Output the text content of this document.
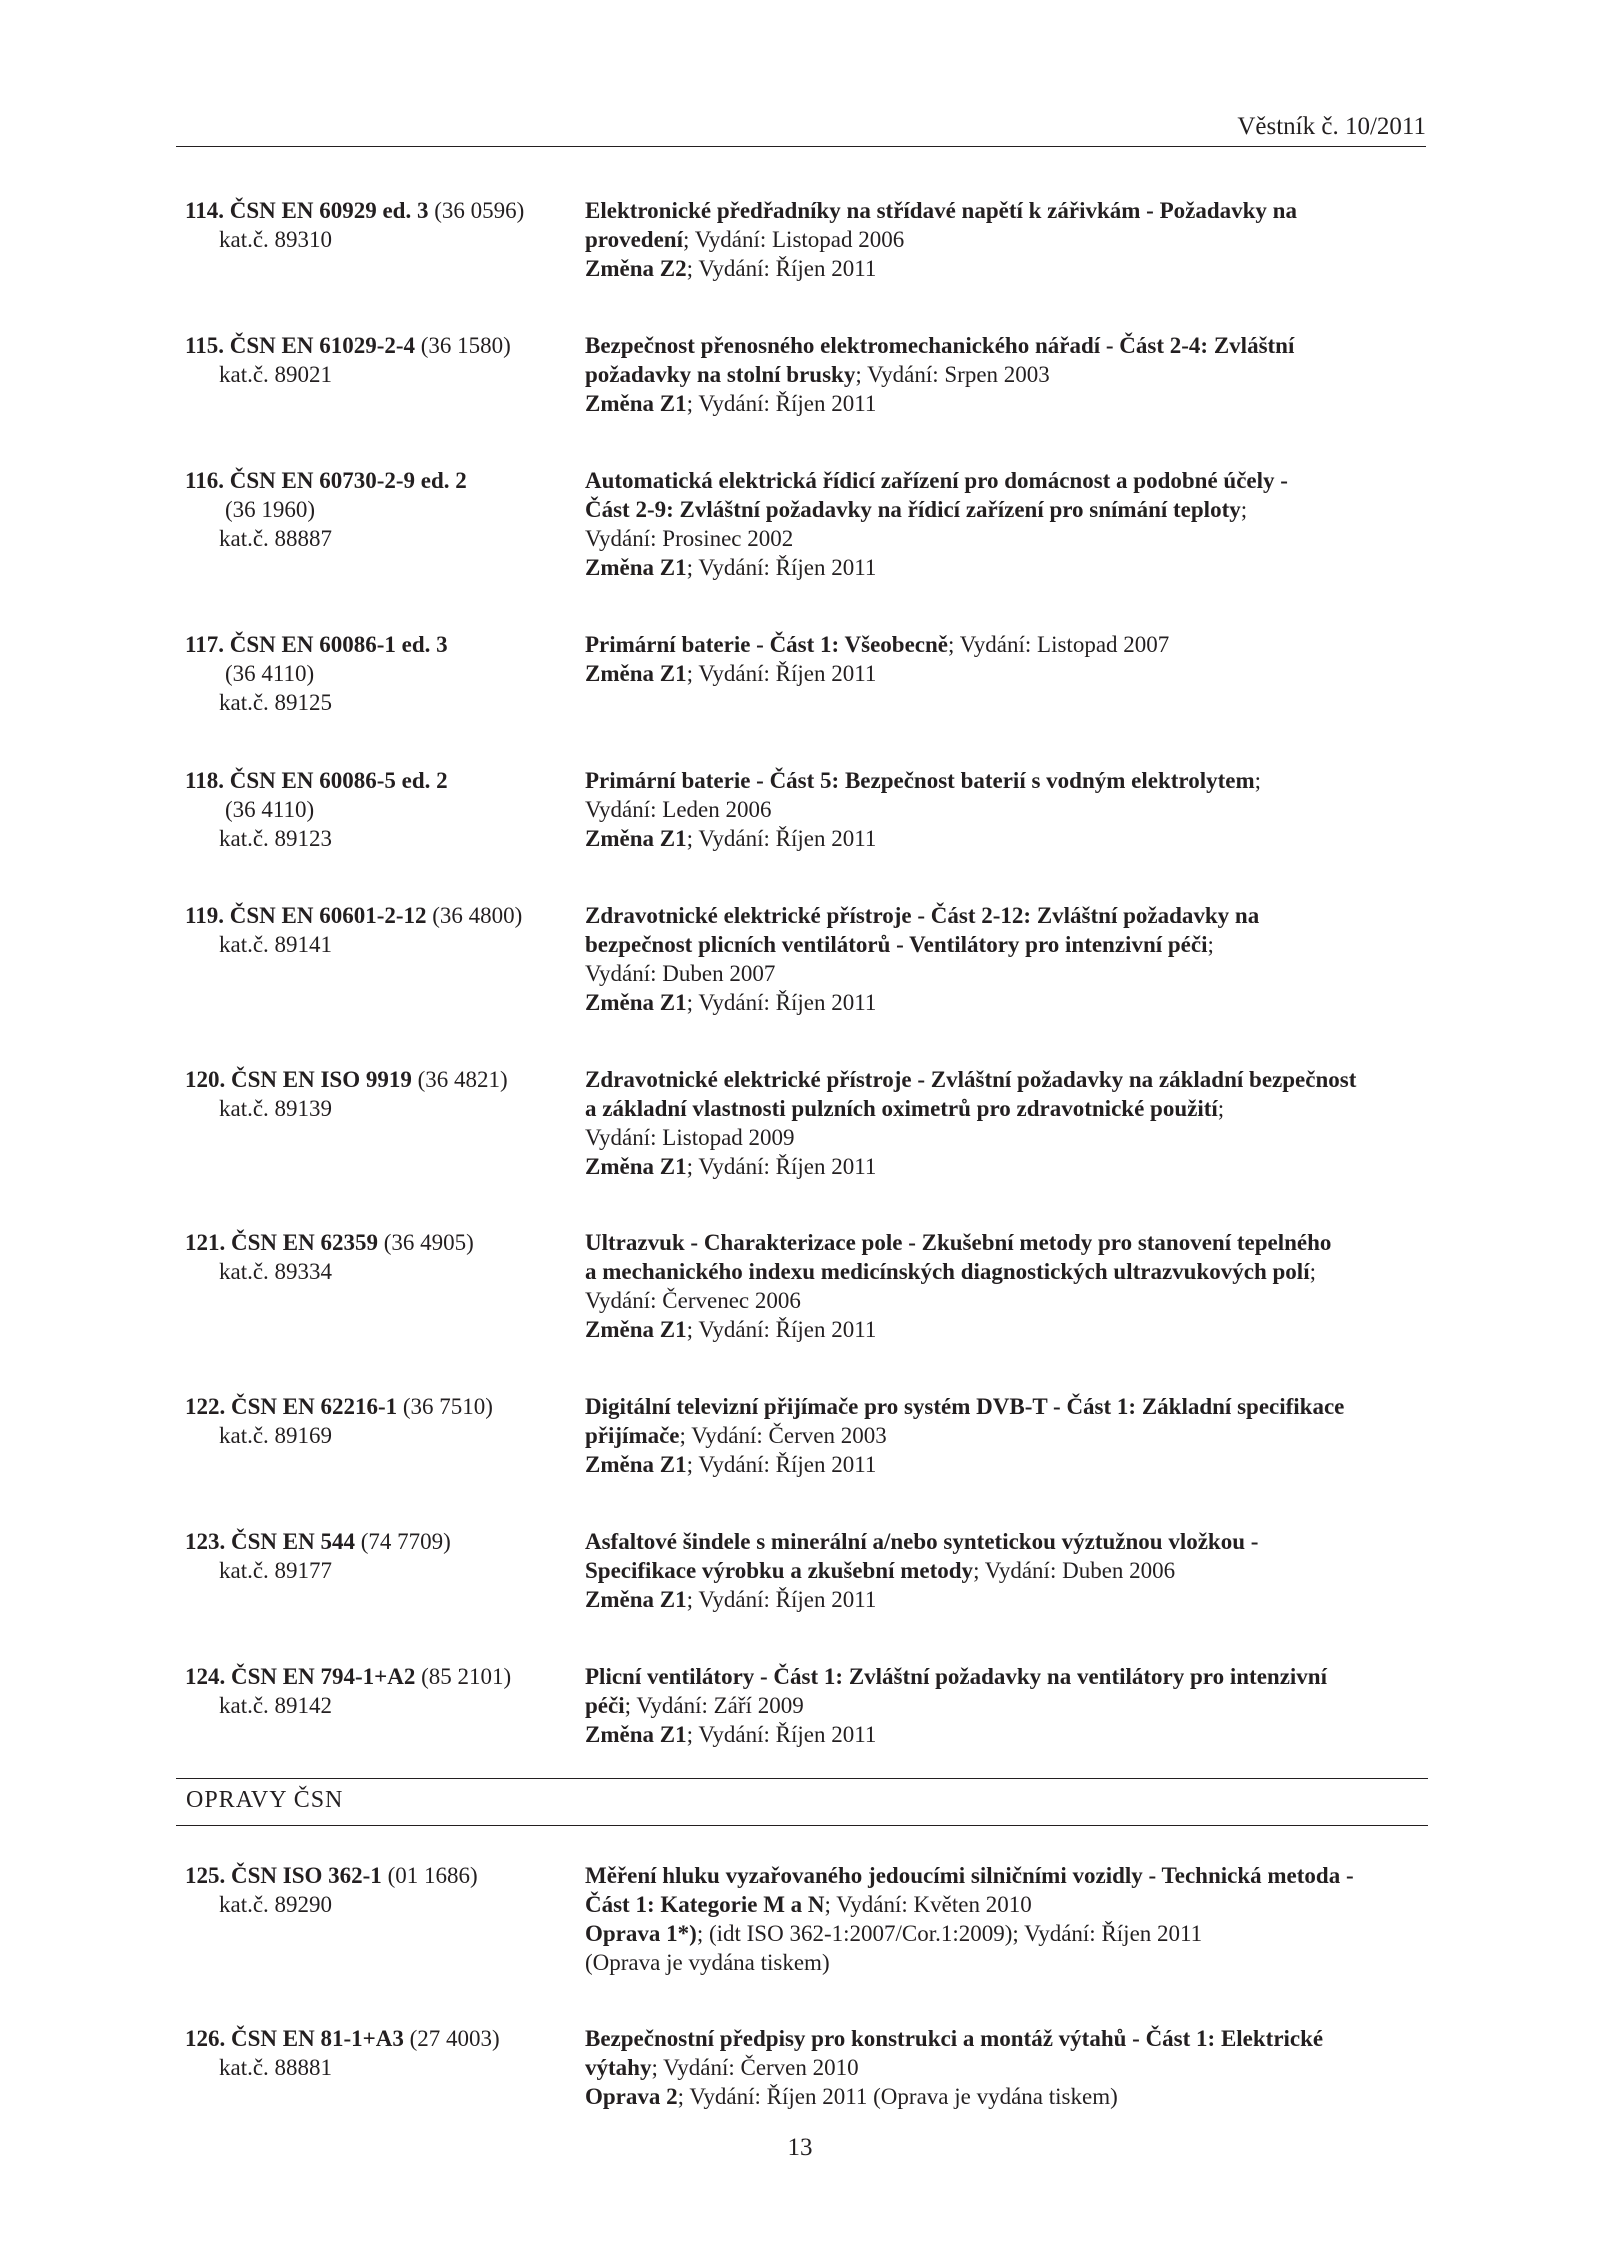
Věstník č. 10/2011
114. ČSN EN 60929 ed. 3 (36 0596)
kat.č. 89310
Elektronické předřadníky na střídavé napětí k zářivkám - Požadavky na
provedení; Vydání: Listopad 2006
Změna Z2; Vydání: Říjen 2011
115. ČSN EN 61029-2-4 (36 1580)
kat.č. 89021
Bezpečnost přenosného elektromechanického nářadí - Část 2-4: Zvláštní
požadavky na stolní brusky; Vydání: Srpen 2003
Změna Z1; Vydání: Říjen 2011
116. ČSN EN 60730-2-9 ed. 2
(36 1960)
kat.č. 88887
Automatická elektrická řídicí zařízení pro domácnost a podobné účely -
Část 2-9: Zvláštní požadavky na řídicí zařízení pro snímání teploty;
Vydání: Prosinec 2002
Změna Z1; Vydání: Říjen 2011
117. ČSN EN 60086-1 ed. 3
(36 4110)
kat.č. 89125
Primární baterie - Část 1: Všeobecně; Vydání: Listopad 2007
Změna Z1; Vydání: Říjen 2011
118. ČSN EN 60086-5 ed. 2
(36 4110)
kat.č. 89123
Primární baterie - Část 5: Bezpečnost baterií s vodným elektrolytem;
Vydání: Leden 2006
Změna Z1; Vydání: Říjen 2011
119. ČSN EN 60601-2-12 (36 4800)
kat.č. 89141
Zdravotnické elektrické přístroje - Část 2-12: Zvláštní požadavky na
bezpečnost plicních ventilátorů - Ventilátory pro intenzivní péči;
Vydání: Duben 2007
Změna Z1; Vydání: Říjen 2011
120. ČSN EN ISO 9919 (36 4821)
kat.č. 89139
Zdravotnické elektrické přístroje - Zvláštní požadavky na základní bezpečnost
a základní vlastnosti pulzních oximetrů pro zdravotnické použití;
Vydání: Listopad 2009
Změna Z1; Vydání: Říjen 2011
121. ČSN EN 62359 (36 4905)
kat.č. 89334
Ultrazvuk - Charakterizace pole - Zkušební metody pro stanovení tepelného
a mechanického indexu medicínských diagnostických ultrazvukových polí;
Vydání: Červenec 2006
Změna Z1; Vydání: Říjen 2011
122. ČSN EN 62216-1 (36 7510)
kat.č. 89169
Digitální televizní přijímače pro systém DVB-T - Část 1: Základní specifikace
přijímače; Vydání: Červen 2003
Změna Z1; Vydání: Říjen 2011
123. ČSN EN 544 (74 7709)
kat.č. 89177
Asfaltové šindele s minerální a/nebo syntetickou výztužnou vložkou -
Specifikace výrobku a zkušební metody; Vydání: Duben 2006
Změna Z1; Vydání: Říjen 2011
124. ČSN EN 794-1+A2 (85 2101)
kat.č. 89142
Plicní ventilátory - Část 1: Zvláštní požadavky na ventilátory pro intenzivní
péči; Vydání: Září 2009
Změna Z1; Vydání: Říjen 2011
OPRAVY ČSN
125. ČSN ISO 362-1 (01 1686)
kat.č. 89290
Měření hluku vyzařovaného jedoucími silničními vozidly - Technická metoda -
Část 1: Kategorie M a N; Vydání: Květen 2010
Oprava 1*); (idt ISO 362-1:2007/Cor.1:2009); Vydání: Říjen 2011
(Oprava je vydána tiskem)
126. ČSN EN 81-1+A3 (27 4003)
kat.č. 88881
Bezpečnostní předpisy pro konstrukci a montáž výtahů - Část 1: Elektrické
výtahy; Vydání: Červen 2010
Oprava 2; Vydání: Říjen 2011 (Oprava je vydána tiskem)
13
